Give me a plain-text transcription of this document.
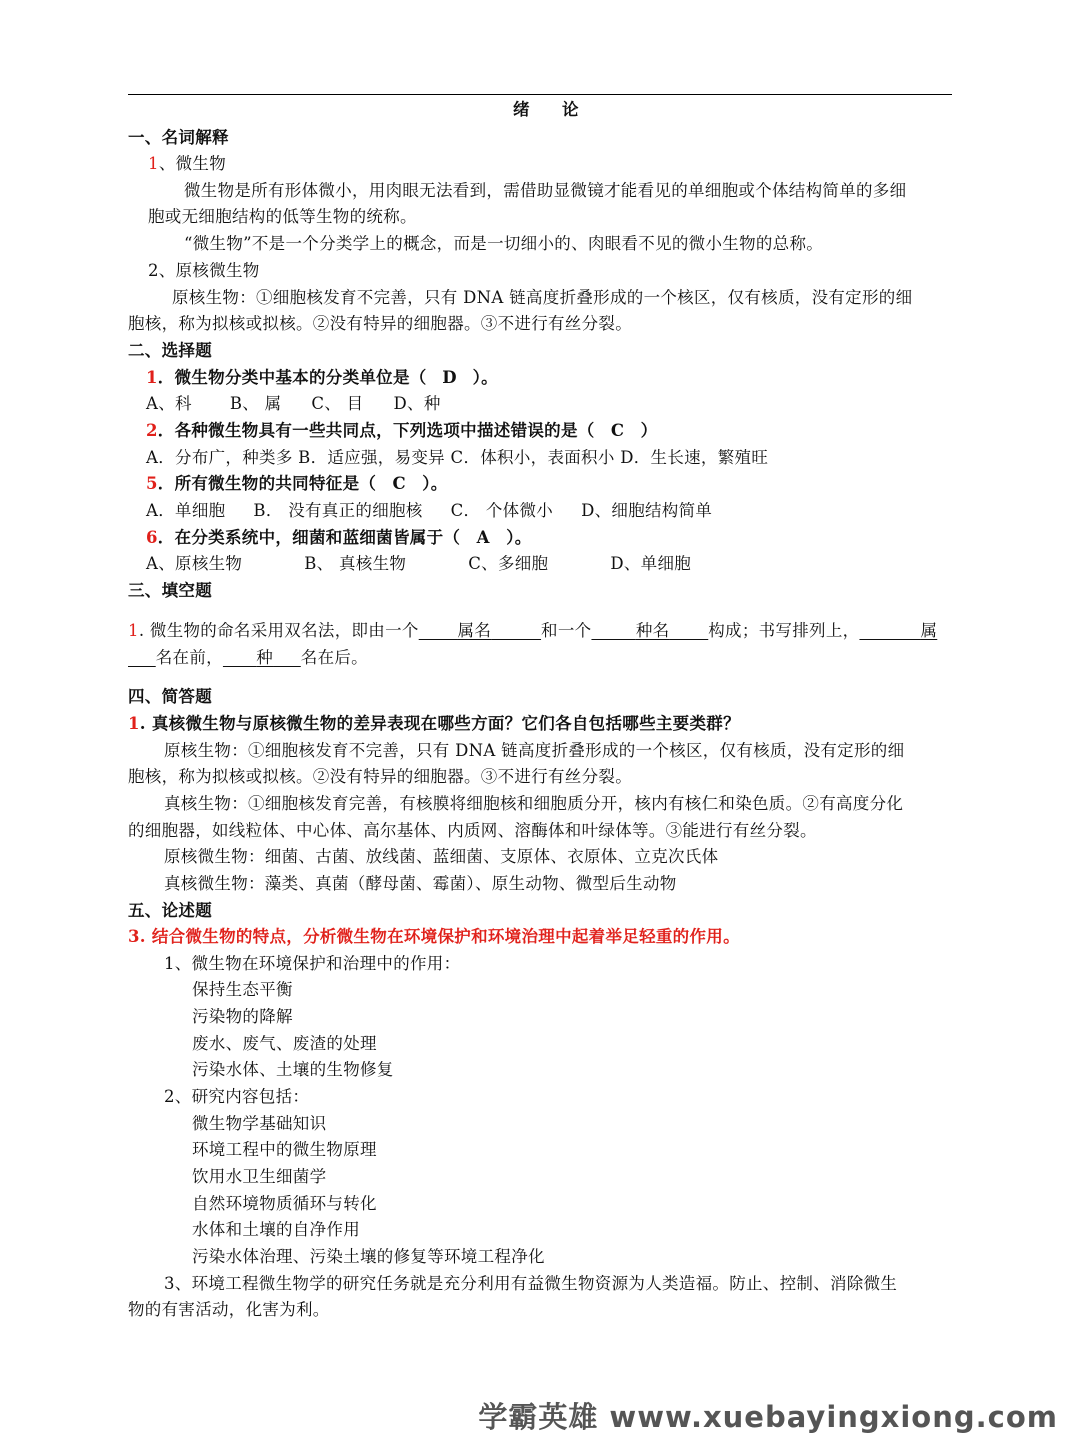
绪　论
一、名词解释
1、微生物
微生物是所有形体微小，用肉眼无法看到，需借助显微镜才能看见的单细胞或个体结构简单的多细
胞或无细胞结构的低等生物的统称。
“微生物”不是一个分类学上的概念，而是一切细小的、肉眼看不见的微小生物的总称。
2、原核微生物
原核生物：①细胞核发育不完善，只有 DNA 链高度折叠形成的一个核区，仅有核质，没有定形的细
胞核，称为拟核或拟核。②没有特异的细胞器。③不进行有丝分裂。
二、选择题
1．微生物分类中基本的分类单位是（ D ）。
A、科 B、 属 C、 目 D、种
2．各种微生物具有一些共同点，下列选项中描述错误的是（ C ）
A．分布广，种类多 B．适应强，易变异 C．体积小，表面积小 D．生长速，繁殖旺
5．所有微生物的共同特征是（ C ）。
A．单细胞 B． 没有真正的细胞核 C． 个体微小 D、细胞结构简单
6．在分类系统中，细菌和蓝细菌皆属于（ A ）。
A、原核生物	B、 真核生物	C、多细胞	D、单细胞
三、填空题
1. 微生物的命名采用双名法，即由一个 属名	和一个	种名 构成；书写排列上，	属
名在前， 种 名在后。
四、简答题
1. 真核微生物与原核微生物的差异表现在哪些方面？它们各自包括哪些主要类群？
原核生物：①细胞核发育不完善，只有 DNA 链高度折叠形成的一个核区，仅有核质，没有定形的细
胞核，称为拟核或拟核。②没有特异的细胞器。③不进行有丝分裂。
真核生物：①细胞核发育完善，有核膜将细胞核和细胞质分开，核内有核仁和染色质。②有高度分化
的细胞器，如线粒体、中心体、高尔基体、内质网、溶酶体和叶绿体等。③能进行有丝分裂。
原核微生物：细菌、古菌、放线菌、蓝细菌、支原体、衣原体、立克次氏体
真核微生物：藻类、真菌（酵母菌、霉菌）、原生动物、微型后生动物
五、论述题
3. 结合微生物的特点，分析微生物在环境保护和环境治理中起着举足轻重的作用。
1、微生物在环境保护和治理中的作用：
保持生态平衡
污染物的降解
废水、废气、废渣的处理
污染水体、土壤的生物修复
2、研究内容包括：
微生物学基础知识
环境工程中的微生物原理
饮用水卫生细菌学
自然环境物质循环与转化
水体和土壤的自净作用
污染水体治理、污染土壤的修复等环境工程净化
3、环境工程微生物学的研究任务就是充分利用有益微生物资源为人类造福。防止、控制、消除微生
物的有害活动，化害为利。
学霸英雄 www.xuebayingxiong.com
